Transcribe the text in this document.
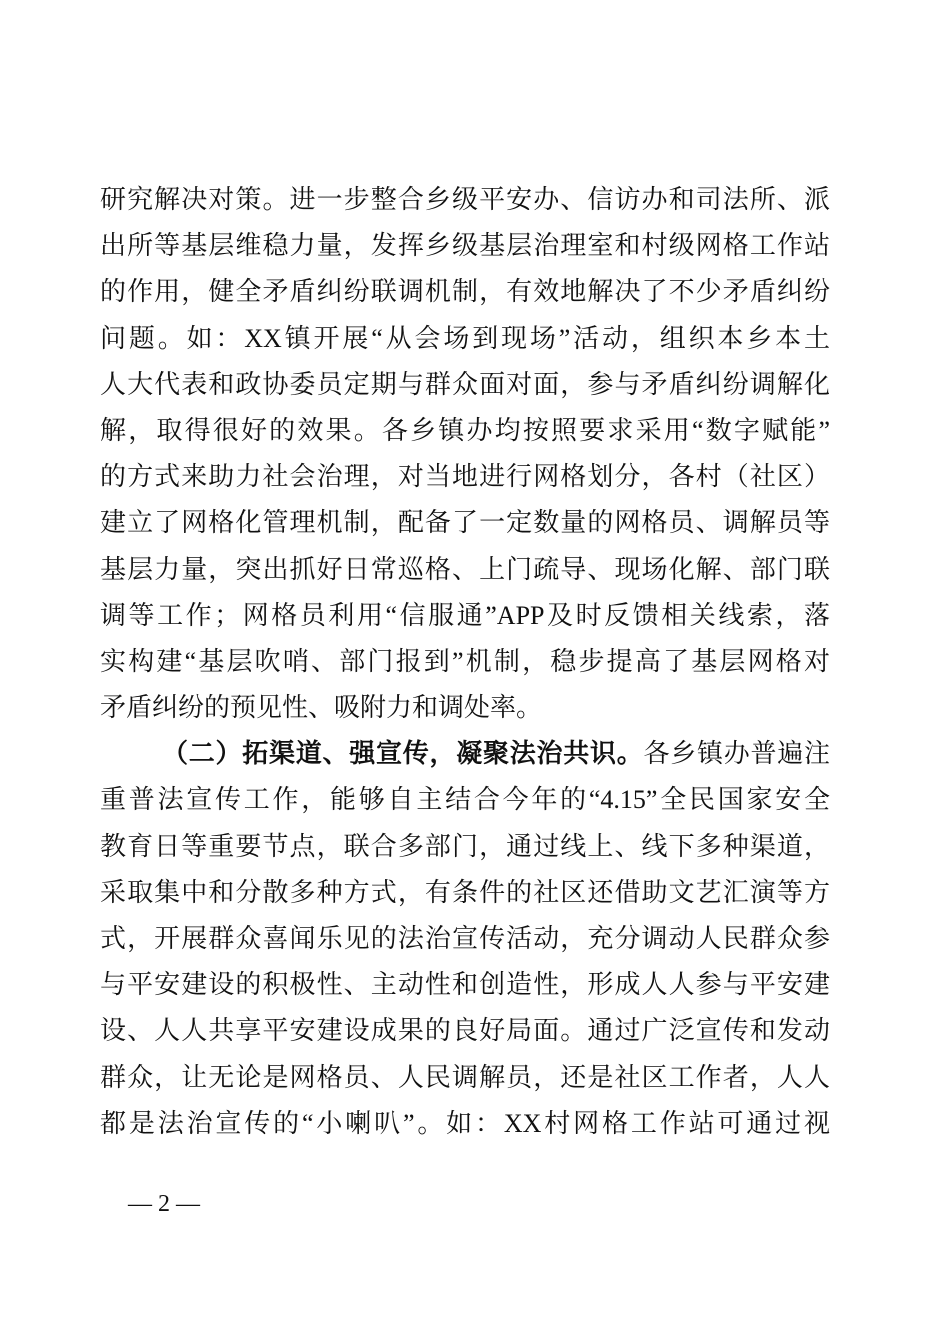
研究解决对策。进一步整合乡级平安办、信访办和司法所、派
出所等基层维稳力量，发挥乡级基层治理室和村级网格工作站
的作用，健全矛盾纠纷联调机制，有效地解决了不少矛盾纠纷
问题。如：XX镇开展“从会场到现场”活动，组织本乡本土
人大代表和政协委员定期与群众面对面，参与矛盾纠纷调解化
解，取得很好的效果。各乡镇办均按照要求采用“数字赋能”
的方式来助力社会治理，对当地进行网格划分，各村（社区）
建立了网格化管理机制，配备了一定数量的网格员、调解员等
基层力量，突出抓好日常巡格、上门疏导、现场化解、部门联
调等工作；网格员利用“信服通”APP及时反馈相关线索，落
实构建“基层吹哨、部门报到”机制，稳步提高了基层网格对
矛盾纠纷的预见性、吸附力和调处率。
（二）拓渠道、强宣传，凝聚法治共识。各乡镇办普遍注
重普法宣传工作，能够自主结合今年的“4.15”全民国家安全
教育日等重要节点，联合多部门，通过线上、线下多种渠道，
采取集中和分散多种方式，有条件的社区还借助文艺汇演等方
式，开展群众喜闻乐见的法治宣传活动，充分调动人民群众参
与平安建设的积极性、主动性和创造性，形成人人参与平安建
设、人人共享平安建设成果的良好局面。通过广泛宣传和发动
群众，让无论是网格员、人民调解员，还是社区工作者，人人
都是法治宣传的“小喇叭”。如：XX村网格工作站可通过视
— 2 —
